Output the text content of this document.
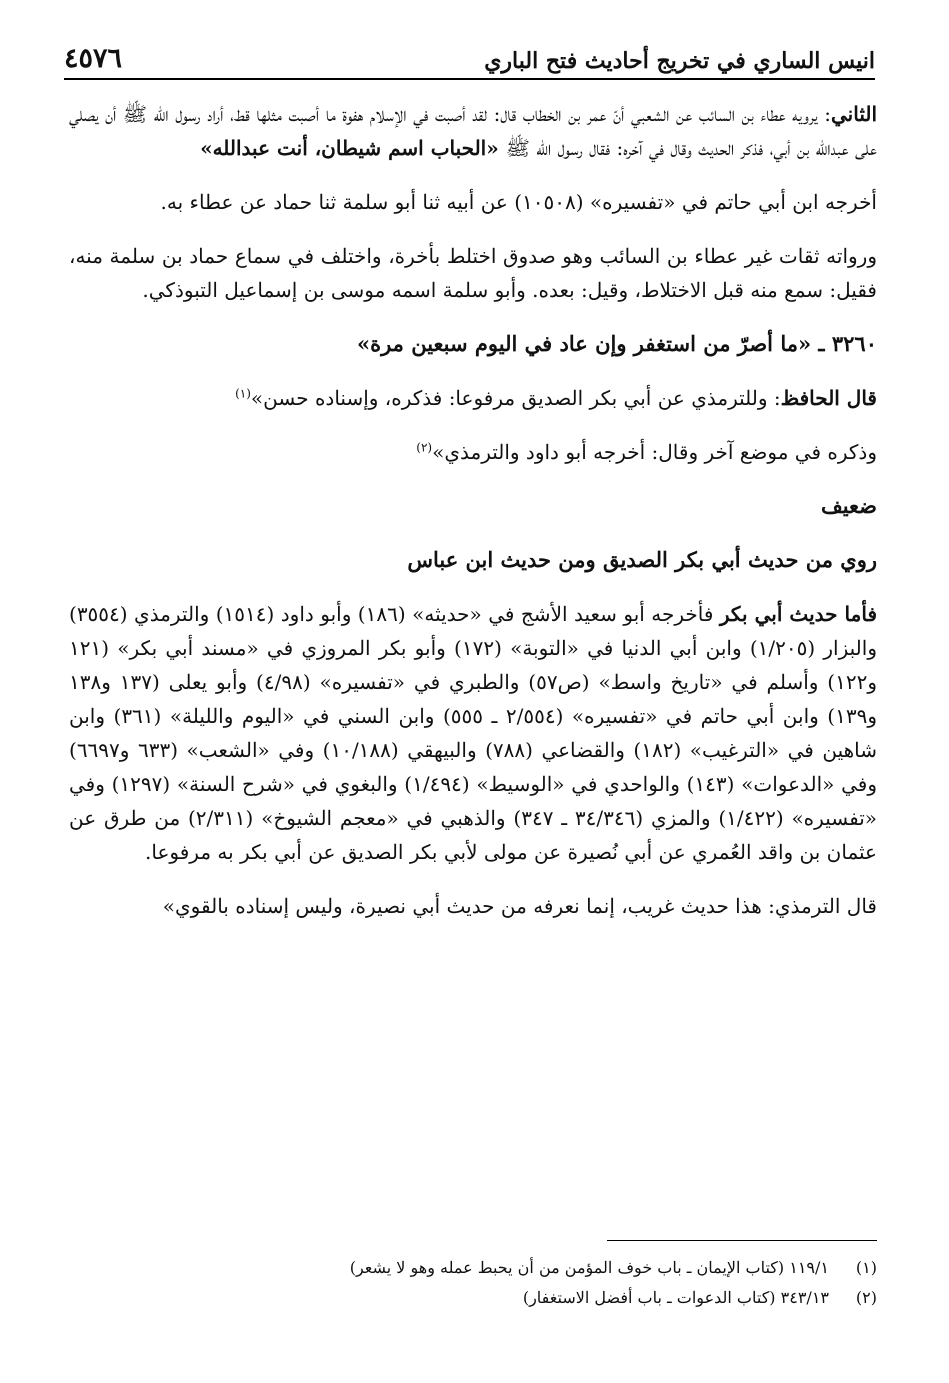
انيس الساري في تخريج أحاديث فتح الباري
٤٥٧٦

الثاني: يرويه عطاء بن السائب عن الشعبي أنّ عمر بن الخطاب قال: لقد أصبت في الإسلام هفوة ما أصبت مثلها قط، أراد رسول الله ﷺ أن يصلي على عبدالله بن أبي، فذكر الحديث وقال في آخره: فقال رسول الله ﷺ «الحباب اسم شيطان، أنت عبدالله»

أخرجه ابن أبي حاتم في «تفسيره» (١٠٥٠٨) عن أبيه ثنا أبو سلمة ثنا حماد عن عطاء به.

ورواته ثقات غير عطاء بن السائب وهو صدوق اختلط بأخرة، واختلف في سماع حماد بن سلمة منه، فقيل: سمع منه قبل الاختلاط، وقيل: بعده. وأبو سلمة اسمه موسى بن إسماعيل التبوذكي.

٣٢٦٠ ـ «ما أصرّ من استغفر وإن عاد في اليوم سبعين مرة»

قال الحافظ: وللترمذي عن أبي بكر الصديق مرفوعا: فذكره، وإسناده حسن»$^{(١)}$

وذكره في موضع آخر وقال: أخرجه أبو داود والترمذي»$^{(٢)}$

ضعيف

روي من حديث أبي بكر الصديق ومن حديث ابن عباس

فأما حديث أبي بكر فأخرجه أبو سعيد الأشج في «حديثه» (١٨٦) وأبو داود (١٥١٤) والترمذي (٣٥٥٤) والبزار (١/٢٠٥) وابن أبي الدنيا في «التوبة» (١٧٢) وأبو بكر المروزي في «مسند أبي بكر» (١٢١ و١٢٢) وأسلم في «تاريخ واسط» (ص٥٧) والطبري في «تفسيره» (٤/٩٨) وأبو يعلى (١٣٧ و١٣٨ و١٣٩) وابن أبي حاتم في «تفسيره» (٢/٥٥٤ ـ ٥٥٥) وابن السني في «اليوم والليلة» (٣٦١) وابن شاهين في «الترغيب» (١٨٢) والقضاعي (٧٨٨) والبيهقي (١٠/١٨٨) وفي «الشعب» (٦٣٣ و٦٦٩٧) وفي «الدعوات» (١٤٣) والواحدي في «الوسيط» (١/٤٩٤) والبغوي في «شرح السنة» (١٢٩٧) وفي «تفسيره» (١/٤٢٢) والمزي (٣٤/٣٤٦ ـ ٣٤٧) والذهبي في «معجم الشيوخ» (٢/٣١١) من طرق عن عثمان بن واقد العُمري عن أبي نُصيرة عن مولى لأبي بكر الصديق عن أبي بكر به مرفوعا.

قال الترمذي: هذا حديث غريب، إنما نعرفه من حديث أبي نصيرة، وليس إسناده بالقوي»

(١)
١١٩/١ (كتاب الإيمان ـ باب خوف المؤمن من أن يحبط عمله وهو لا يشعر)
(٢)
٣٤٣/١٣ (كتاب الدعوات ـ باب أفضل الاستغفار)
